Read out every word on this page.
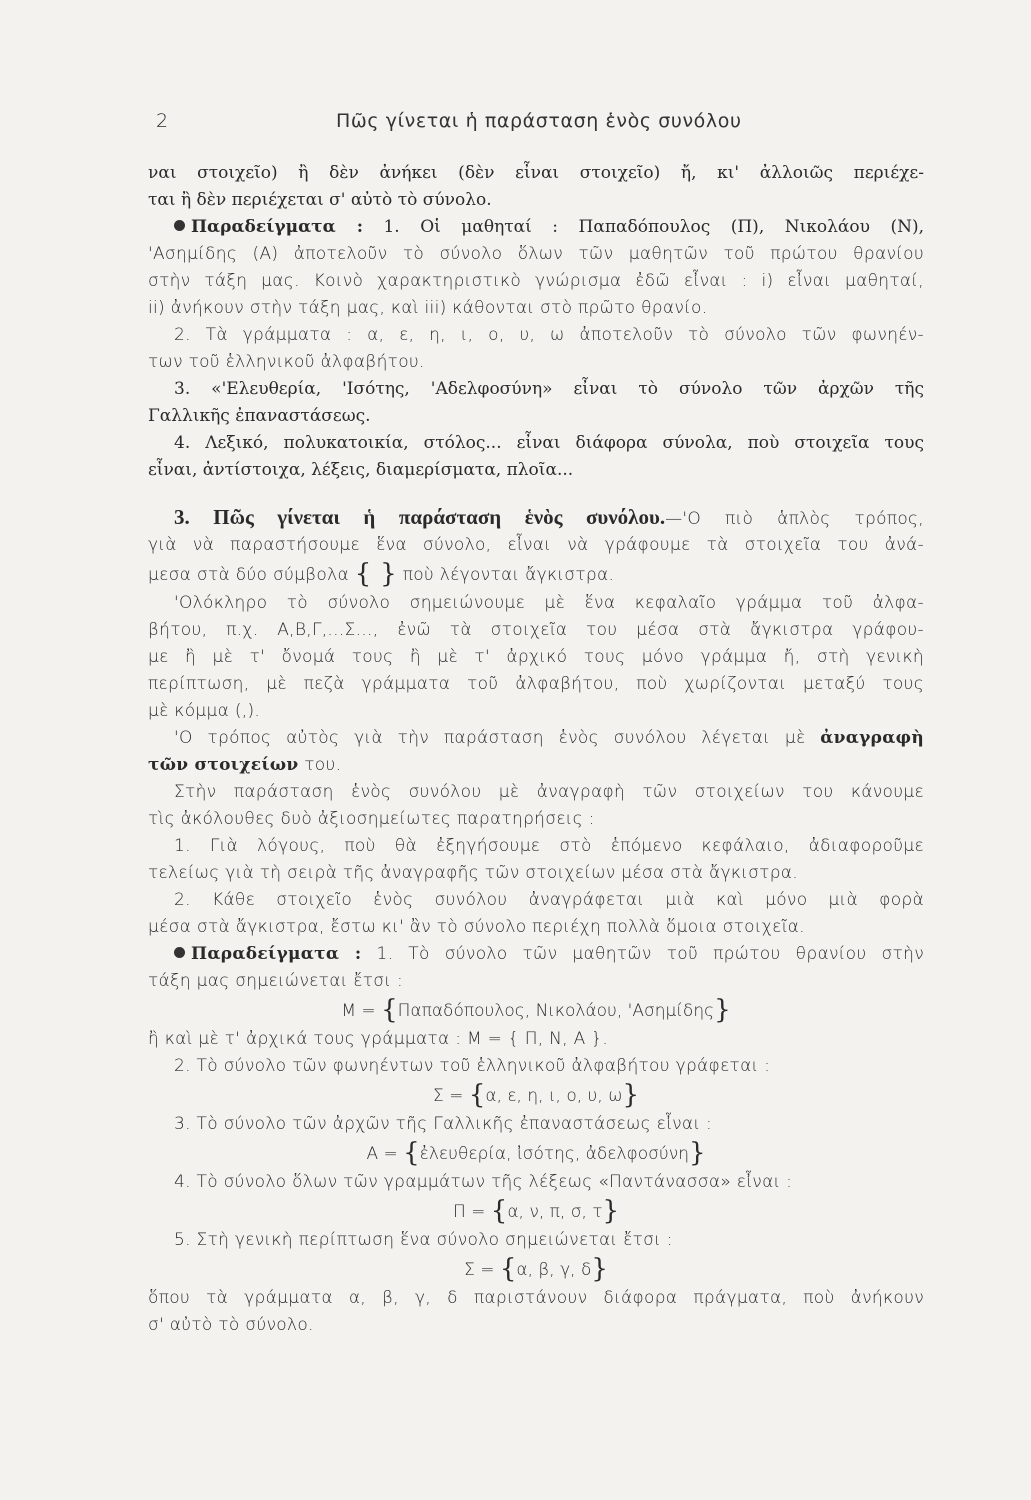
2	Πῶς γίνεται ἡ παράσταση ἑνὸς συνόλου
ναι στοιχεῖο) ἢ δὲν ἀνήκει (δὲν εἶναι στοιχεῖο) ἤ, κι' ἀλλοιῶς περιέχε-
ται ἢ δὲν περιέχεται σ' αὐτὸ τὸ σύνολο.
Παραδείγματα : 1. Οἱ μαθηταί : Παπαδόπουλος (Π), Νικολάου (Ν),
'Ασημίδης (Α) ἀποτελοῦν τὸ σύνολο ὅλων τῶν μαθητῶν τοῦ πρώτου θρανίου
στὴν τάξη μας. Κοινὸ χαρακτηριστικὸ γνώρισμα ἐδῶ εἶναι : i) εἶναι μαθηταί,
ii) ἀνήκουν στὴν τάξη μας, καὶ iii) κάθονται στὸ πρῶτο θρανίο.
2. Τὰ γράμματα : α, ε, η, ι, ο, υ, ω ἀποτελοῦν τὸ σύνολο τῶν φωνηέν-
των τοῦ ἑλληνικοῦ ἀλφαβήτου.
3. «'Ελευθερία, 'Ισότης, 'Αδελφοσύνη» εἶναι τὸ σύνολο τῶν ἀρχῶν τῆς
Γαλλικῆς ἐπαναστάσεως.
4. Λεξικό, πολυκατοικία, στόλος... εἶναι διάφορα σύνολα, ποὺ στοιχεῖα τους
εἶναι, ἀντίστοιχα, λέξεις, διαμερίσματα, πλοῖα...
3. Πῶς γίνεται ἡ παράσταση ἑνὸς συνόλου.—'Ο πιὸ ἁπλὸς τρόπος,
γιὰ νὰ παραστήσουμε ἕνα σύνολο, εἶναι νὰ γράφουμε τὰ στοιχεῖα του ἀνά-
μεσα στὰ δύο σύμβολα { } ποὺ λέγονται ἄγκιστρα.
'Ολόκληρο τὸ σύνολο σημειώνουμε μὲ ἕνα κεφαλαῖο γράμμα τοῦ ἀλφα-
βήτου, π.χ. Α,Β,Γ,...Σ..., ἐνῶ τὰ στοιχεῖα του μέσα στὰ ἄγκιστρα γράφου-
με ἢ μὲ τ' ὄνομά τους ἢ μὲ τ' ἀρχικό τους μόνο γράμμα ἤ, στὴ γενικὴ
περίπτωση, μὲ πεζὰ γράμματα τοῦ ἀλφαβήτου, ποὺ χωρίζονται μεταξύ τους
μὲ κόμμα (,).
'Ο τρόπος αὐτὸς γιὰ τὴν παράσταση ἑνὸς συνόλου λέγεται μὲ ἀναγραφὴ
τῶν στοιχείων του.
Στὴν παράσταση ἑνὸς συνόλου μὲ ἀναγραφὴ τῶν στοιχείων του κάνουμε
τὶς ἀκόλουθες δυὸ ἀξιοσημείωτες παρατηρήσεις :
1. Γιὰ λόγους, ποὺ θὰ ἐξηγήσουμε στὸ ἑπόμενο κεφάλαιο, ἀδιαφοροῦμε
τελείως γιὰ τὴ σειρὰ τῆς ἀναγραφῆς τῶν στοιχείων μέσα στὰ ἄγκιστρα.
2. Κάθε στοιχεῖο ἑνὸς συνόλου ἀναγράφεται μιὰ καὶ μόνο μιὰ φορὰ
μέσα στὰ ἄγκιστρα, ἔστω κι' ἂν τὸ σύνολο περιέχη πολλὰ ὅμοια στοιχεῖα.
Παραδείγματα : 1. Τὸ σύνολο τῶν μαθητῶν τοῦ πρώτου θρανίου στὴν
τάξη μας σημειώνεται ἔτσι :
Μ = {Παπαδόπουλος, Νικολάου, 'Ασημίδης}
ἢ καὶ μὲ τ' ἀρχικά τους γράμματα : Μ = { Π, Ν, Α }.
2. Τὸ σύνολο τῶν φωνηέντων τοῦ ἑλληνικοῦ ἀλφαβήτου γράφεται :
Σ = {α, ε, η, ι, ο, υ, ω}
3. Τὸ σύνολο τῶν ἀρχῶν τῆς Γαλλικῆς ἐπαναστάσεως εἶναι :
Α = {ἐλευθερία, ἰσότης, ἀδελφοσύνη}
4. Τὸ σύνολο ὅλων τῶν γραμμάτων τῆς λέξεως «Παντάνασσα» εἶναι :
Π = {α, ν, π, σ, τ}
5. Στὴ γενικὴ περίπτωση ἕνα σύνολο σημειώνεται ἔτσι :
Σ = {α, β, γ, δ}
ὅπου τὰ γράμματα α, β, γ, δ παριστάνουν διάφορα πράγματα, ποὺ ἀνήκουν
σ' αὐτὸ τὸ σύνολο.
